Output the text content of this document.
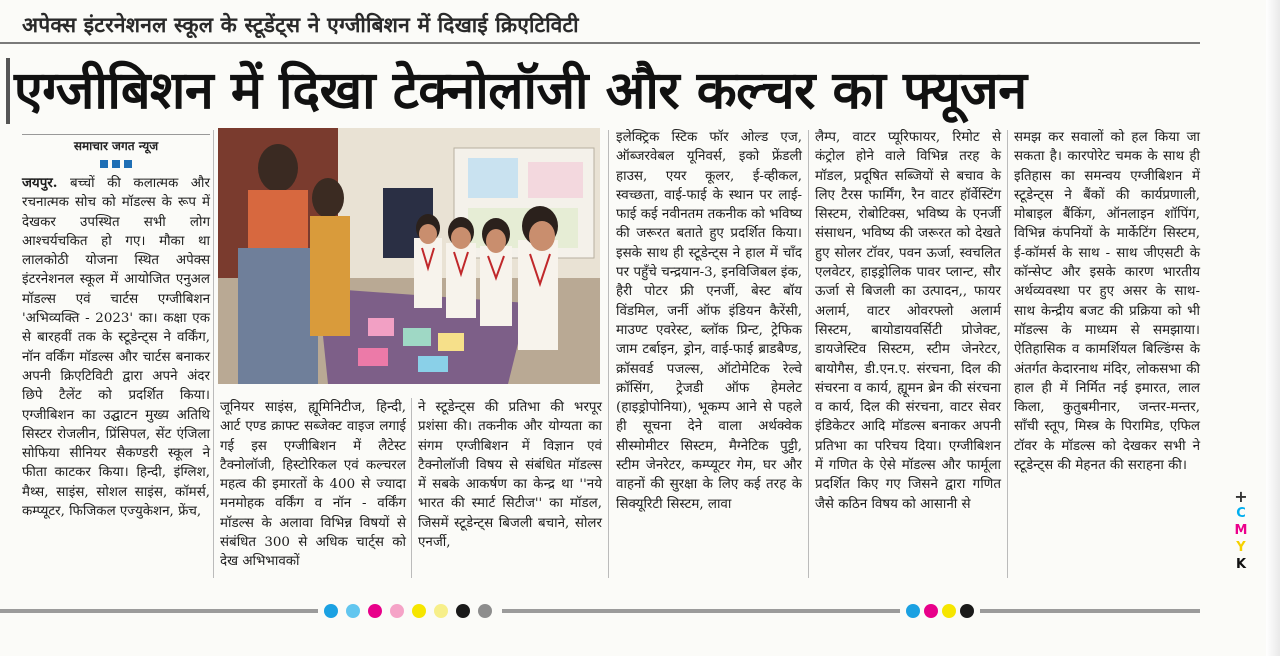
अपेक्स इंटरनेशनल स्कूल के स्टूडेंट्स ने एग्जीबिशन में दिखाई क्रिएटिविटी
एग्जीबिशन में दिखा टेक्नोलॉजी और कल्चर का फ्यूजन
समाचार जगत न्यूज

जयपुर. बच्चों की कलात्मक और रचनात्मक सोच को मॉडल्स के रूप में देखकर उपस्थित सभी लोग आश्चर्यचकित हो गए। मौका था लालकोठी योजना स्थित अपेक्स इंटरनेशनल स्कूल में आयोजित एनुअल मॉडल्स एवं चार्टस एग्जीबिशन 'अभिव्यक्ति - 2023' का। कक्षा एक से बारहवीं तक के स्टूडेन्ट्स ने वर्किंग, नॉन वर्किंग मॉडल्स और चार्टस बनाकर अपनी क्रिएटिविटी द्वारा अपने अंदर छिपे टैलेंट को प्रदर्शित किया। एग्जीबिशन का उद्घाटन मुख्य अतिथि सिस्टर रोजलीन, प्रिंसिपल, सेंट एंजिला सोफिया सीनियर सैकण्डरी स्कूल ने फीता काटकर किया। हिन्दी, इंग्लिश, मैथ्स, साइंस, सोशल साइंस, कॉमर्स, कम्प्यूटर, फिजिकल एज्युकेशन, फ्रेंच,

जूनियर साइंस, ह्यूमिनिटीज, हिन्दी, आर्ट एण्ड क्राफ्ट सब्जेक्ट वाइज लगाई गई इस एग्जीबिशन में लैटेस्ट टैक्नोलॉजी, हिस्टोरिकल एवं कल्चरल महत्व की इमारतों के 400 से ज्यादा मनमोहक वर्किंग व नॉन - वर्किंग मॉडल्स के अलावा विभिन्न विषयों से संबंधित 300 से अधिक चार्ट्स को देख अभिभावकों

ने स्टूडेन्ट्स की प्रतिभा की भरपूर प्रशंसा की। तकनीक और योग्यता का संगम एग्जीबिशन में विज्ञान एवं टैक्नोलॉजी विषय से संबंधित मॉडल्स में सबके आकर्षण का केन्द्र था ''नये भारत की स्मार्ट सिटीज'' का मॉडल, जिसमें स्टूडेन्ट्स बिजली बचाने, सोलर एनर्जी,

इलेक्ट्रिक स्टिक फॉर ओल्ड एज, ऑब्जरवेबल यूनिवर्स, इको फ्रेंडली हाउस, एयर कूलर, ई-व्हीकल, स्वच्छता, वाई-फाई के स्थान पर लाई-फाई कई नवीनतम तकनीक को भविष्य की जरूरत बताते हुए प्रदर्शित किया। इसके साथ ही स्टूडेन्ट्स ने हाल में चाँद पर पहुँचे चन्द्रयान-3, इनविजिबल इंक, हैरी पोटर फ्री एनर्जी, बेस्ट बॉय विंडमिल, जर्नी ऑफ इंडियन कैरेंसी, माउण्ट एवरेस्ट, ब्लॉक प्रिन्ट, ट्रेफिक जाम टर्बाइन, ड्रोन, वाई-फाई ब्राडबैण्ड, क्रॉसवर्ड पजल्स, ऑटोमेटिक रेल्वे क्रॉसिंग, ट्रेजडी ऑफ हेमलेट (हाइड्रोपोनिया), भूकम्प आने से पहले ही सूचना देने वाला अर्थक्वेक सीस्मोमीटर सिस्टम, मैग्नेटिक पुट्टी, स्टीम जेनरेटर, कम्प्यूटर गेम, घर और वाहनों की सुरक्षा के लिए कई तरह के सिक्यूरिटी सिस्टम, लावा

लैम्प, वाटर प्यूरिफायर, रिमोट से कंट्रोल होने वाले विभिन्न तरह के मॉडल, प्रदूषित सब्जियों से बचाव के लिए टैरस फार्मिंग, रैन वाटर हॉर्वेस्टिंग सिस्टम, रोबोटिक्स, भविष्य के एनर्जी संसाधन, भविष्य की जरूरत को देखते हुए सोलर टॉवर, पवन ऊर्जा, स्वचलित एलवेटर, हाइड्रोलिक पावर प्लान्ट, सौर ऊर्जा से बिजली का उत्पादन,, फायर अलार्म, वाटर ओवरफ्लो अलार्म सिस्टम, बायोडायवर्सिटी प्रोजेक्ट, डायजेस्टिव सिस्टम, स्टीम जेनरेटर, बायोगैस, डी.एन.ए. संरचना, दिल की संचरना व कार्य, ह्यूमन ब्रेन की संरचना व कार्य, दिल की संरचना, वाटर सेवर इंडिकेटर आदि मॉडल्स बनाकर अपनी प्रतिभा का परिचय दिया। एग्जीबिशन में गणित के ऐसे मॉडल्स और फार्मूला प्रदर्शित किए गए जिसने द्वारा गणित जैसे कठिन विषय को आसानी से

समझ कर सवालों को हल किया जा सकता है। कारपोरेट चमक के साथ ही इतिहास का समन्वय एग्जीबिशन में स्टूडेन्ट्स ने बैंकों की कार्यप्रणाली, मोबाइल बैंकिंग, ऑनलाइन शॉपिंग, विभिन्न कंपनियों के मार्केटिंग सिस्टम, ई-कॉमर्स के साथ - साथ जीएसटी के कॉन्सेप्ट और इसके कारण भारतीय अर्थव्यवस्था पर हुए असर के साथ-साथ केन्द्रीय बजट की प्रक्रिया को भी मॉडल्स के माध्यम से समझाया। ऐतिहासिक व कामर्शियल बिल्डिंग्स के अंतर्गत केदारनाथ मंदिर, लोकसभा की हाल ही में निर्मित नई इमारत, लाल किला, कुतुबमीनार, जन्तर-मन्तर, साँची स्तूप, मिस्त्र के पिरामिड, एफिल टॉवर के मॉडल्स को देखकर सभी ने स्टूडेन्ट्स की मेहनत की सराहना की।

+
C
M
Y
K
